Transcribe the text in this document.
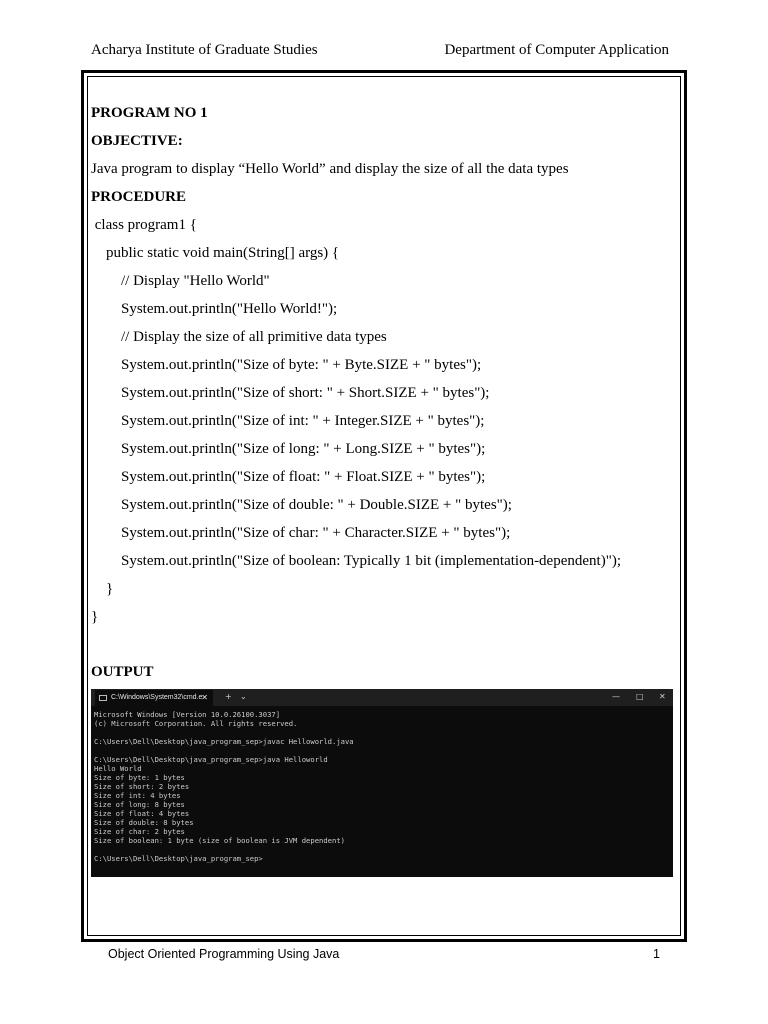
Acharya Institute of Graduate Studies	Department of Computer Application
PROGRAM NO 1
OBJECTIVE:
Java program to display “Hello World” and display the size of all the data types
PROCEDURE
class program1 {
public static void main(String[] args) {
// Display "Hello World"
System.out.println("Hello World!");
// Display the size of all primitive data types
System.out.println("Size of byte: " + Byte.SIZE + " bytes");
System.out.println("Size of short: " + Short.SIZE + " bytes");
System.out.println("Size of int: " + Integer.SIZE + " bytes");
System.out.println("Size of long: " + Long.SIZE + " bytes");
System.out.println("Size of float: " + Float.SIZE + " bytes");
System.out.println("Size of double: " + Double.SIZE + " bytes");
System.out.println("Size of char: " + Character.SIZE + " bytes");
System.out.println("Size of boolean: Typically 1 bit (implementation-dependent)");
}
}
OUTPUT
C:\Windows\System32\cmd.e
✕ + ⌄	— □ ✕
Microsoft Windows [Version 10.0.26100.3037]
(c) Microsoft Corporation. All rights reserved.
C:\Users\Dell\Desktop\java_program_sep>javac Helloworld.java
C:\Users\Dell\Desktop\java_program_sep>java Helloworld
Hello World
Size of byte: 1 bytes
Size of short: 2 bytes
Size of int: 4 bytes
Size of long: 8 bytes
Size of float: 4 bytes
Size of double: 8 bytes
Size of char: 2 bytes
Size of boolean: 1 byte (size of boolean is JVM dependent)
C:\Users\Dell\Desktop\java_program_sep>
Object Oriented Programming Using Java	1
